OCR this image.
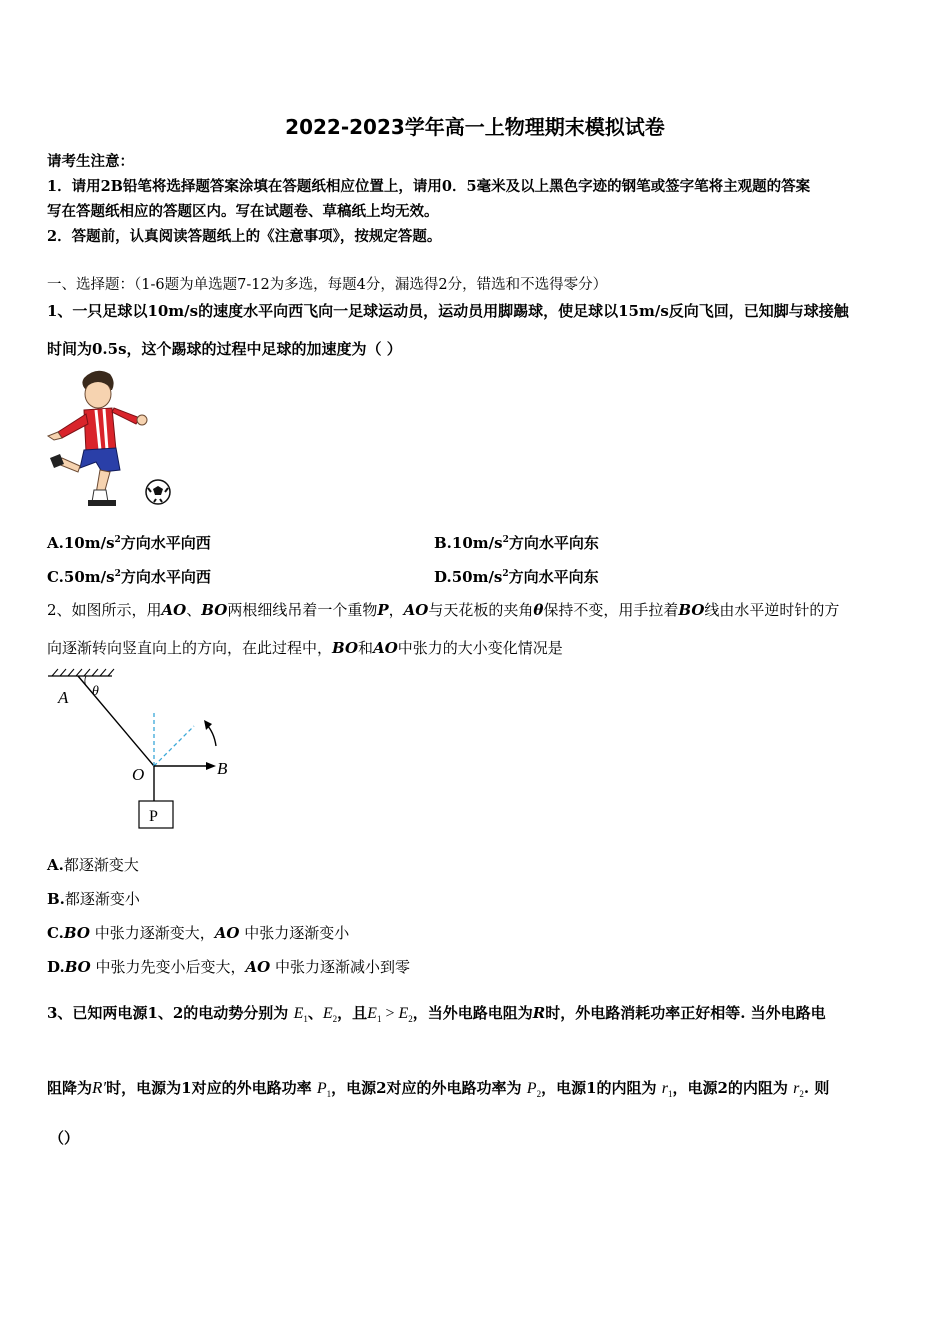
2022-2023学年高一上物理期末模拟试卷
请考生注意：
1．请用2B铅笔将选择题答案涂填在答题纸相应位置上，请用0．5毫米及以上黑色字迹的钢笔或签字笔将主观题的答案
写在答题纸相应的答题区内。写在试题卷、草稿纸上均无效。
2．答题前，认真阅读答题纸上的《注意事项》，按规定答题。
一、选择题：（1-6题为单选题7-12为多选，每题4分，漏选得2分，错选和不选得零分）
1、一只足球以10m/s的速度水平向西飞向一足球运动员，运动员用脚踢球，使足球以15m/s反向飞回，已知脚与球接触
时间为0.5s，这个踢球的过程中足球的加速度为（ ）
$A.10m/s^2$方向水平向西	$B.10m/s^2$方向水平向东
$C.50m/s^2$方向水平向西	$D.50m/s^2$方向水平向东
2、如图所示，用AO、BO两根细线吊着一个重物P，AO与天花板的夹角θ保持不变，用手拉着BO线由水平逆时针的方
向逐渐转向竖直向上的方向，在此过程中，BO和AO中张力的大小变化情况是
A θ
O	B
P
A.都逐渐变大
B.都逐渐变小
C.BO 中张力逐渐变大，AO 中张力逐渐变小
D.BO 中张力先变小后变大，AO 中张力逐渐减小到零
3、已知两电源1、2的电动势分别为 $E_1$、$E_2$，且$E_1 > E_2$，当外电路电阻为R时，外电路消耗功率正好相等. 当外电路电
阻降为R′时，电源为1对应的外电路功率 $P_1$，电源2对应的外电路功率为 $P_2$，电源1的内阻为 $r_1$，电源2的内阻为 $r_2$. 则
（）
